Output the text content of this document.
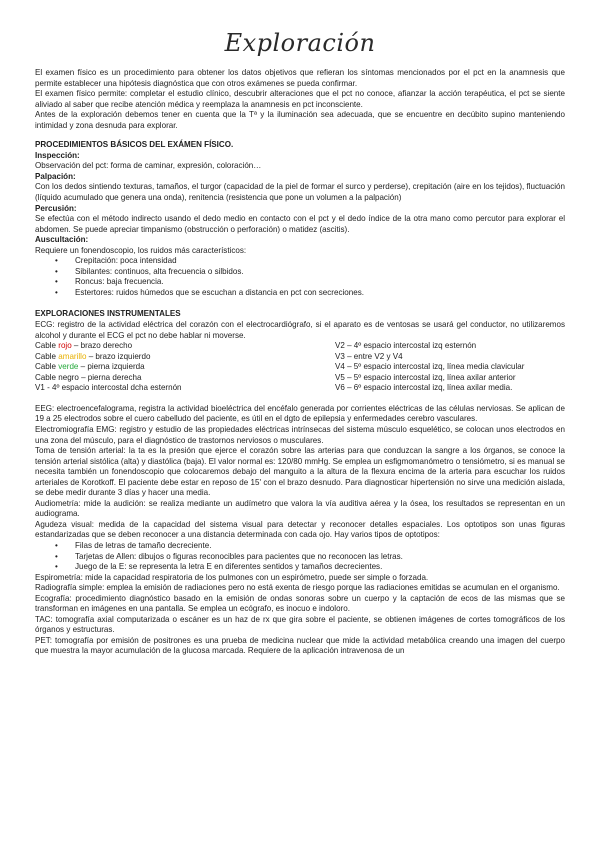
Exploración

El examen físico es un procedimiento para obtener los datos objetivos que refieran los síntomas mencionados por el pct en la anamnesis que permite establecer una hipótesis diagnóstica que con otros exámenes se pueda confirmar.

El examen físico permite: completar el estudio clínico, descubrir alteraciones que el pct no conoce, afianzar la acción terapéutica, el pct se siente aliviado al saber que recibe atención médica y reemplaza la anamnesis en pct inconsciente.

Antes de la exploración debemos tener en cuenta que la Tª y la iluminación sea adecuada, que se encuentre en decúbito supino manteniendo intimidad y zona desnuda para explorar.

PROCEDIMIENTOS BÁSICOS DEL EXÁMEN FÍSICO.

Inspección:

Observación del pct: forma de caminar, expresión, coloración…

Palpación:

Con los dedos sintiendo texturas, tamaños, el turgor (capacidad de la piel de formar el surco y perderse), crepitación (aire en los tejidos), fluctuación (líquido acumulado que genera una onda), renitencia (resistencia que pone un volumen a la palpación)

Percusión:

Se efectúa con el método indirecto usando el dedo medio en contacto con el pct y el dedo índice de la otra mano como percutor para explorar el abdomen. Se puede apreciar timpanismo (obstrucción o perforación) o matidez (ascitis).

Auscultación:

Requiere un fonendoscopio, los ruidos más característicos:

• Crepitación: poca intensidad
• Sibilantes: continuos, alta frecuencia o silbidos.
• Roncus: baja frecuencia.
• Estertores: ruidos húmedos que se escuchan a distancia en pct con secreciones.

EXPLORACIONES INSTRUMENTALES

ECG: registro de la actividad eléctrica del corazón con el electrocardiógrafo, si el aparato es de ventosas se usará gel conductor, no utilizaremos alcohol y durante el ECG el pct no debe hablar ni moverse.

Cable rojo – brazo derecho	V2 – 4º espacio intercostal izq esternón
Cable amarillo – brazo izquierdo	V3 – entre V2 y V4
Cable verde – pierna izquierda	V4 – 5º espacio intercostal izq, línea media clavicular
Cable negro – pierna derecha	V5 – 5º espacio intercostal izq, línea axilar anterior
V1 - 4º espacio intercostal dcha esternón	V6 – 6º espacio intercostal izq, línea axilar media.

EEG: electroencefalograma, registra la actividad bioeléctrica del encéfalo generada por corrientes eléctricas de las células nerviosas. Se aplican de 19 a 25 electrodos sobre el cuero cabelludo del paciente, es útil en el dgto de epilepsia y enfermedades cerebro vasculares.

Electromiografía EMG: registro y estudio de las propiedades eléctricas intrínsecas del sistema músculo esquelético, se colocan unos electrodos en una zona del músculo, para el diagnóstico de trastornos nerviosos o musculares.

Toma de tensión arterial: la ta es la presión que ejerce el corazón sobre las arterias para que conduzcan la sangre a los órganos, se conoce la tensión arterial sistólica (alta) y diastólica (baja). El valor normal es: 120/80 mmHg. Se emplea un esfigmomanómetro o tensiómetro, si es manual se necesita también un fonendoscopio que colocaremos debajo del manguito a la altura de la flexura encima de la arteria para escuchar los ruidos arteriales de Korotkoff. El paciente debe estar en reposo de 15' con el brazo desnudo. Para diagnosticar hipertensión no sirve una medición aislada, se debe medir durante 3 días y hacer una media.

Audiometría: mide la audición: se realiza mediante un audímetro que valora la vía auditiva aérea y la ósea, los resultados se representan en un audiograma.

Agudeza visual: medida de la capacidad del sistema visual para detectar y reconocer detalles espaciales. Los optotipos son unas figuras estandarizadas que se deben reconocer a una distancia determinada con cada ojo. Hay varios tipos de optotipos:

• Filas de letras de tamaño decreciente.
• Tarjetas de Allen: dibujos o figuras reconocibles para pacientes que no reconocen las letras.
• Juego de la E: se representa la letra E en diferentes sentidos y tamaños decrecientes.

Espirometría: mide la capacidad respiratoria de los pulmones con un espirómetro, puede ser simple o forzada.

Radiografía simple: emplea la emisión de radiaciones pero no está exenta de riesgo porque las radiaciones emitidas se acumulan en el organismo.

Ecografía: procedimiento diagnóstico basado en la emisión de ondas sonoras sobre un cuerpo y la captación de ecos de las mismas que se transforman en imágenes en una pantalla. Se emplea un ecógrafo, es inocuo e indoloro.

TAC: tomografía axial computarizada o escáner es un haz de rx que gira sobre el paciente, se obtienen imágenes de cortes tomográficos de los órganos y estructuras.

PET: tomografía por emisión de positrones es una prueba de medicina nuclear que mide la actividad metabólica creando una imagen del cuerpo que muestra la mayor acumulación de la glucosa marcada. Requiere de la aplicación intravenosa de un
